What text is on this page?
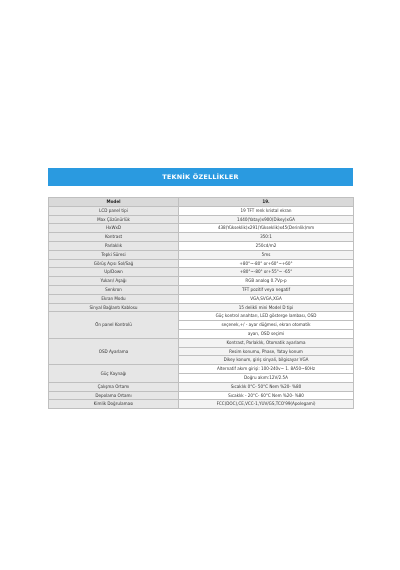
TEKNİK ÖZELLİKLER
Model	19.
LCD panel tipi	19 TFT renk kristal ekran
Max Çözünürlük	1440(Yatay)x900(Dikey)xGA
HxWxD	438(Yükseklik)x291(Yükseklik)x45(Derinlik)mm
Kontrast	350:1
Parlaklık	250cd/m2
Tepki Süresi	5ms
Görüş Açısı Sol/Sağ	+80°~-80° or+60°~+60°
Up/Down	+80°~-80° or+55°~ -65°
Yukarı/ Aşağı	RGB analog 0.7Vp-p
Senkron	TFT pozitif veya negatif
Ekran Modu	VGA,SVGA,XGA
Sinyal Bağlantı Kablosu	15 delikli mini Model D tipi
Ön panel Kontrolü	Güç kontrol anahtarı, LED gösterge lambası, OSD
	seçenek,+/ - ayar düğmesi, ekran otomatik
	ayarı, OSD seçimi
OSD Ayarlama	Kontrast, Parlaklık, Otomatik ayarlama
	Resim konumu, Phase, Yatay konum
	Dikey konum, giriş sinyali, bilgisayar VGA
Güç Kaynağı	Alternatif akım girişi: 100-240v~ 1. 8A50~60Hz
	Doğru akım:12V/2.5A
Çalışma Ortamı	Sıcaklık 0°C- 50°C Nem %20- %80
Depolama Ortamı	Sıcaklık - 20°C- 60°C Nem %20- %80
Kimlik Doğrulaması	FCC(DOC),CE,VCC-1,YUV/GS,TCO'99(Apolegami)
